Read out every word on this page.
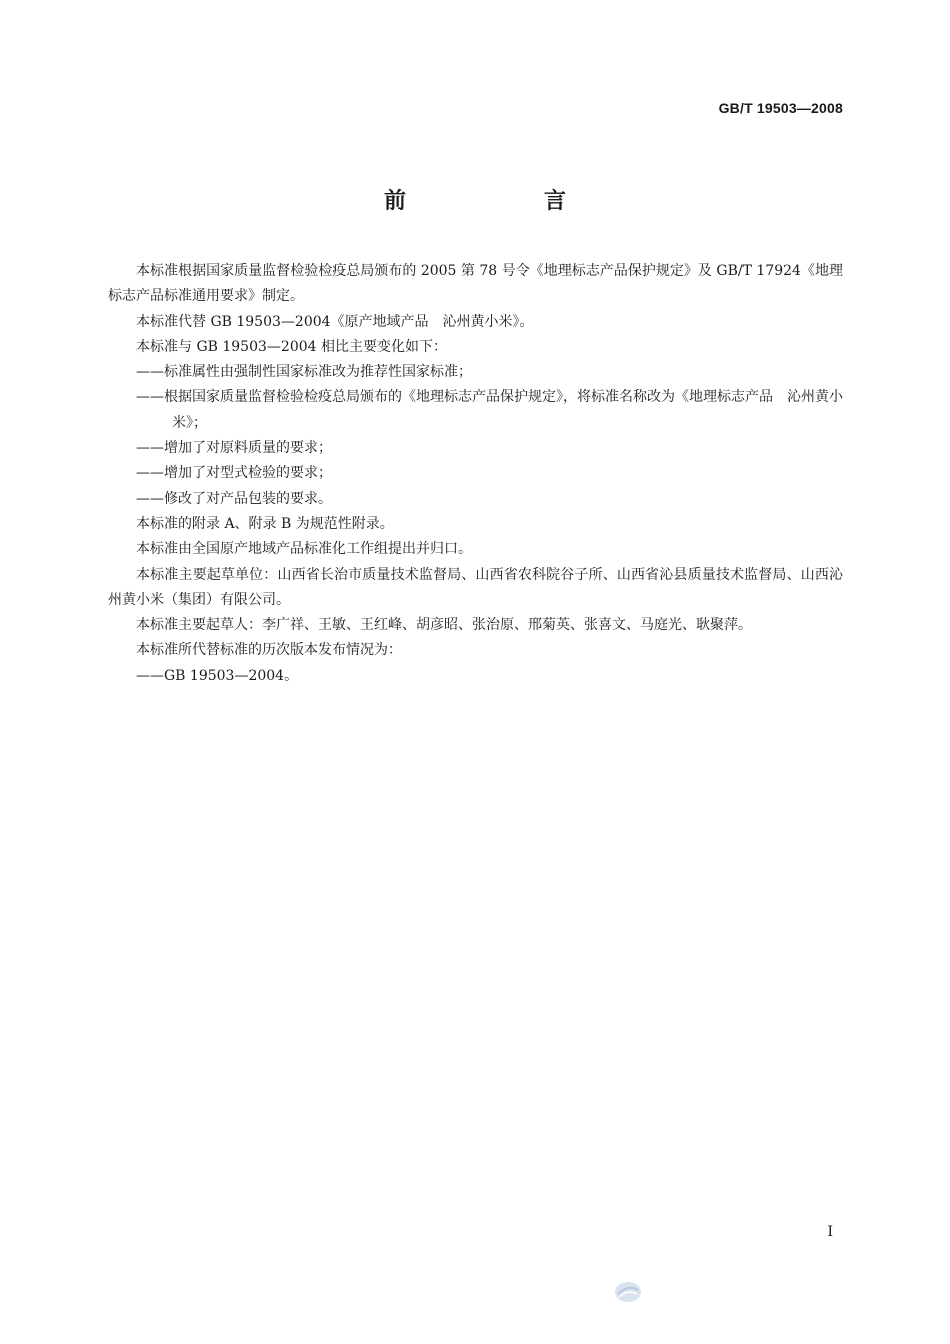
GB/T 19503—2008
前　言

本标准根据国家质量监督检验检疫总局颁布的 2005 第 78 号令《地理标志产品保护规定》及 GB/T 17924《地理标志产品标准通用要求》制定。

本标准代替 GB 19503—2004《原产地域产品　沁州黄小米》。

本标准与 GB 19503—2004 相比主要变化如下：

——标准属性由强制性国家标准改为推荐性国家标准；

——根据国家质量监督检验检疫总局颁布的《地理标志产品保护规定》，将标准名称改为《地理标志产品　沁州黄小米》；

——增加了对原料质量的要求；

——增加了对型式检验的要求；

——修改了对产品包装的要求。

本标准的附录 A、附录 B 为规范性附录。

本标准由全国原产地域产品标准化工作组提出并归口。

本标准主要起草单位：山西省长治市质量技术监督局、山西省农科院谷子所、山西省沁县质量技术监督局、山西沁州黄小米（集团）有限公司。

本标准主要起草人：李广祥、王敏、王红峰、胡彦昭、张治原、邢菊英、张喜文、马庭光、耿聚萍。

本标准所代替标准的历次版本发布情况为：

——GB 19503—2004。

I
